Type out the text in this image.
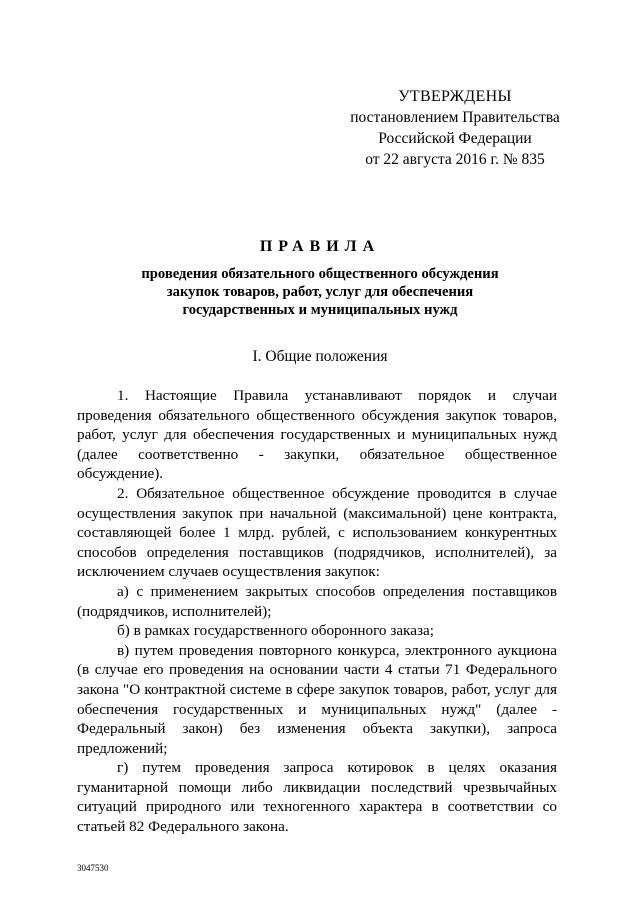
УТВЕРЖДЕНЫ
постановлением Правительства
Российской Федерации
от 22 августа 2016 г. № 835
ПРАВИЛА
проведения обязательного общественного обсуждения
закупок товаров, работ, услуг для обеспечения
государственных и муниципальных нужд
I. Общие положения

1. Настоящие Правила устанавливают порядок и случаи проведения обязательного общественного обсуждения закупок товаров, работ, услуг для обеспечения государственных и муниципальных нужд (далее соответственно - закупки, обязательное общественное обсуждение).

2. Обязательное общественное обсуждение проводится в случае осуществления закупок при начальной (максимальной) цене контракта, составляющей более 1 млрд. рублей, с использованием конкурентных способов определения поставщиков (подрядчиков, исполнителей), за исключением случаев осуществления закупок:

а) с применением закрытых способов определения поставщиков (подрядчиков, исполнителей);

б) в рамках государственного оборонного заказа;

в) путем проведения повторного конкурса, электронного аукциона (в случае его проведения на основании части 4 статьи 71 Федерального закона "О контрактной системе в сфере закупок товаров, работ, услуг для обеспечения государственных и муниципальных нужд" (далее - Федеральный закон) без изменения объекта закупки), запроса предложений;

г) путем проведения запроса котировок в целях оказания гуманитарной помощи либо ликвидации последствий чрезвычайных ситуаций природного или техногенного характера в соответствии со статьей 82 Федерального закона.

3047530
